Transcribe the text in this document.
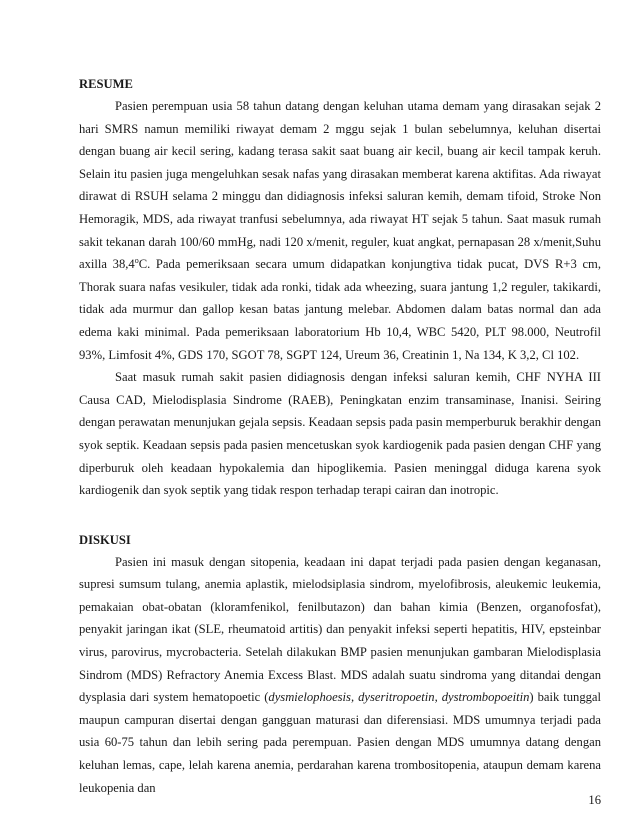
RESUME

Pasien perempuan usia 58 tahun datang dengan keluhan utama demam yang dirasakan sejak 2 hari SMRS namun memiliki riwayat demam 2 mggu sejak 1 bulan sebelumnya, keluhan disertai dengan buang air kecil sering, kadang terasa sakit saat buang air kecil, buang air kecil tampak keruh. Selain itu pasien juga mengeluhkan sesak nafas yang dirasakan memberat karena aktifitas. Ada riwayat dirawat di RSUH selama 2 minggu dan didiagnosis infeksi saluran kemih, demam tifoid, Stroke Non Hemoragik, MDS, ada riwayat tranfusi sebelumnya, ada riwayat HT sejak 5 tahun. Saat masuk rumah sakit tekanan darah 100/60 mmHg, nadi 120 x/menit, reguler, kuat angkat, pernapasan 28 x/menit,Suhu axilla 38,4$^o$C. Pada pemeriksaan secara umum didapatkan konjungtiva tidak pucat, DVS R+3 cm, Thorak suara nafas vesikuler, tidak ada ronki, tidak ada wheezing, suara jantung 1,2 reguler, takikardi, tidak ada murmur dan gallop kesan batas jantung melebar. Abdomen dalam batas normal dan ada edema kaki minimal. Pada pemeriksaan laboratorium Hb 10,4, WBC 5420, PLT 98.000, Neutrofil 93%, Limfosit 4%, GDS 170, SGOT 78, SGPT 124, Ureum 36, Creatinin 1, Na 134, K 3,2, Cl 102.

Saat masuk rumah sakit pasien didiagnosis dengan infeksi saluran kemih, CHF NYHA III Causa CAD, Mielodisplasia Sindrome (RAEB), Peningkatan enzim transaminase, Inanisi. Seiring dengan perawatan menunjukan gejala sepsis. Keadaan sepsis pada pasin memperburuk berakhir dengan syok septik. Keadaan sepsis pada pasien mencetuskan syok kardiogenik pada pasien dengan CHF yang diperburuk oleh keadaan hypokalemia dan hipoglikemia. Pasien meninggal diduga karena syok kardiogenik dan syok septik yang tidak respon terhadap terapi cairan dan inotropic.

DISKUSI

Pasien ini masuk dengan sitopenia, keadaan ini dapat terjadi pada pasien dengan keganasan, supresi sumsum tulang, anemia aplastik, mielodsiplasia sindrom, myelofibrosis, aleukemic leukemia, pemakaian obat-obatan (kloramfenikol, fenilbutazon) dan bahan kimia (Benzen, organofosfat), penyakit jaringan ikat (SLE, rheumatoid artitis) dan penyakit infeksi seperti hepatitis, HIV, epsteinbar virus, parovirus, mycrobacteria. Setelah dilakukan BMP pasien menunjukan gambaran Mielodisplasia Sindrom (MDS) Refractory Anemia Excess Blast. MDS adalah suatu sindroma yang ditandai dengan dysplasia dari system hematopoetic (dysmielophoesis, dyseritropoetin, dystrombopoeitin) baik tunggal maupun campuran disertai dengan gangguan maturasi dan diferensiasi. MDS umumnya terjadi pada usia 60-75 tahun dan lebih sering pada perempuan. Pasien dengan MDS umumnya datang dengan keluhan lemas, cape, lelah karena anemia, perdarahan karena trombositopenia, ataupun demam karena leukopenia dan

16
